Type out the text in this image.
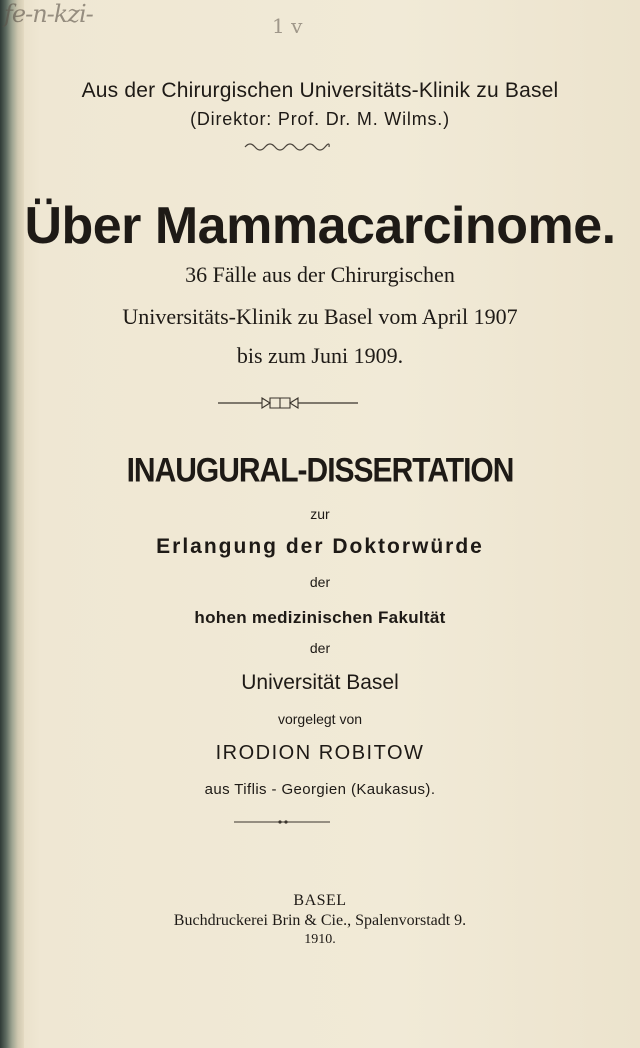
fe-n-kzi-	1 v
Aus der Chirurgischen Universitäts-Klinik zu Basel
(Direktor: Prof. Dr. M. Wilms.)
Über Mammacarcinome.
36 Fälle aus der Chirurgischen
Universitäts-Klinik zu Basel vom April 1907
bis zum Juni 1909.
INAUGURAL-DISSERTATION
zur
Erlangung der Doktorwürde
der
hohen medizinischen Fakultät
der
Universität Basel
vorgelegt von
IRODION ROBITOW
aus Tiflis - Georgien (Kaukasus).
BASEL
Buchdruckerei Brin & Cie., Spalenvorstadt 9.
1910.
